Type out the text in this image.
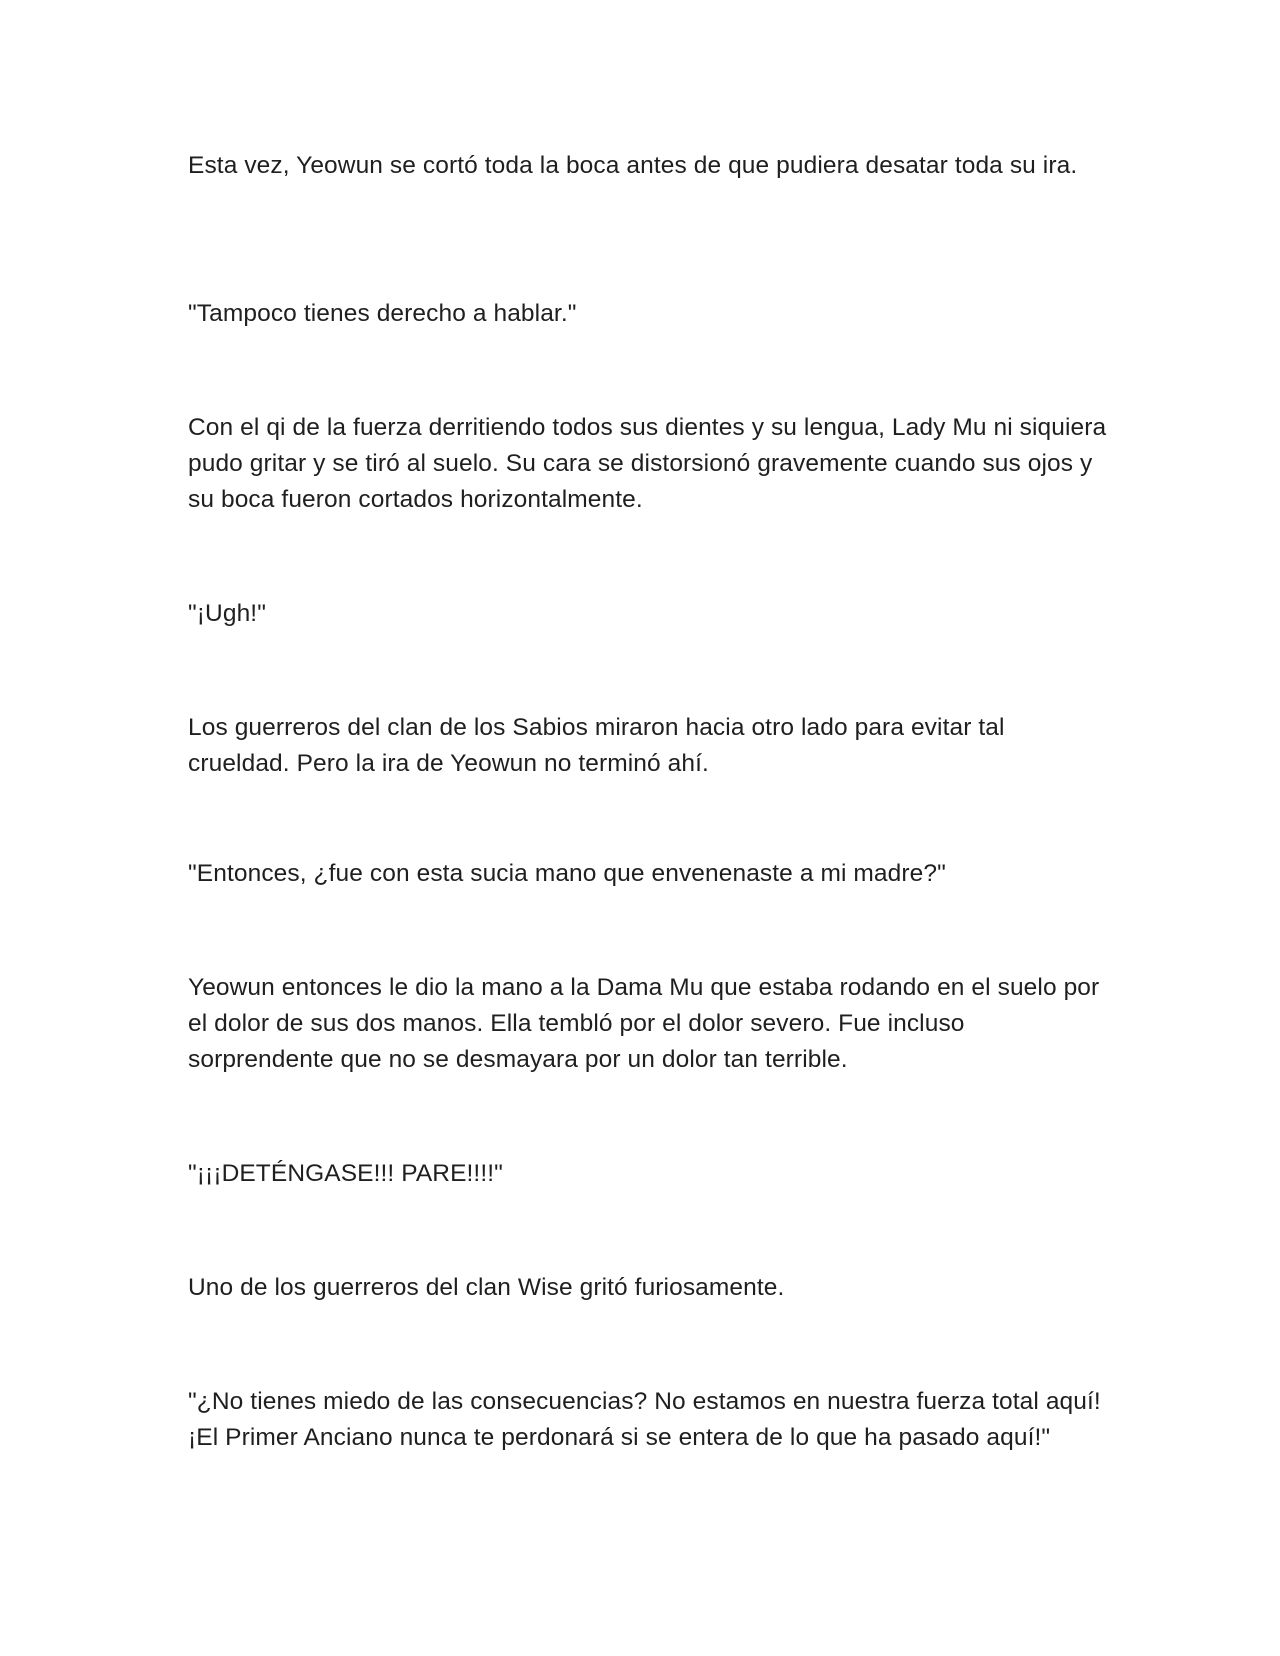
Esta vez, Yeowun se cortó toda la boca antes de que pudiera desatar toda su ira.

"Tampoco tienes derecho a hablar."

Con el qi de la fuerza derritiendo todos sus dientes y su lengua, Lady Mu ni siquiera pudo gritar y se tiró al suelo. Su cara se distorsionó gravemente cuando sus ojos y su boca fueron cortados horizontalmente.

"¡Ugh!"

Los guerreros del clan de los Sabios miraron hacia otro lado para evitar tal crueldad. Pero la ira de Yeowun no terminó ahí.

"Entonces, ¿fue con esta sucia mano que envenenaste a mi madre?"

Yeowun entonces le dio la mano a la Dama Mu que estaba rodando en el suelo por el dolor de sus dos manos. Ella tembló por el dolor severo. Fue incluso sorprendente que no se desmayara por un dolor tan terrible.

"¡¡¡DETÉNGASE!!! PARE!!!!"

Uno de los guerreros del clan Wise gritó furiosamente.

"¿No tienes miedo de las consecuencias? No estamos en nuestra fuerza total aquí! ¡El Primer Anciano nunca te perdonará si se entera de lo que ha pasado aquí!"
